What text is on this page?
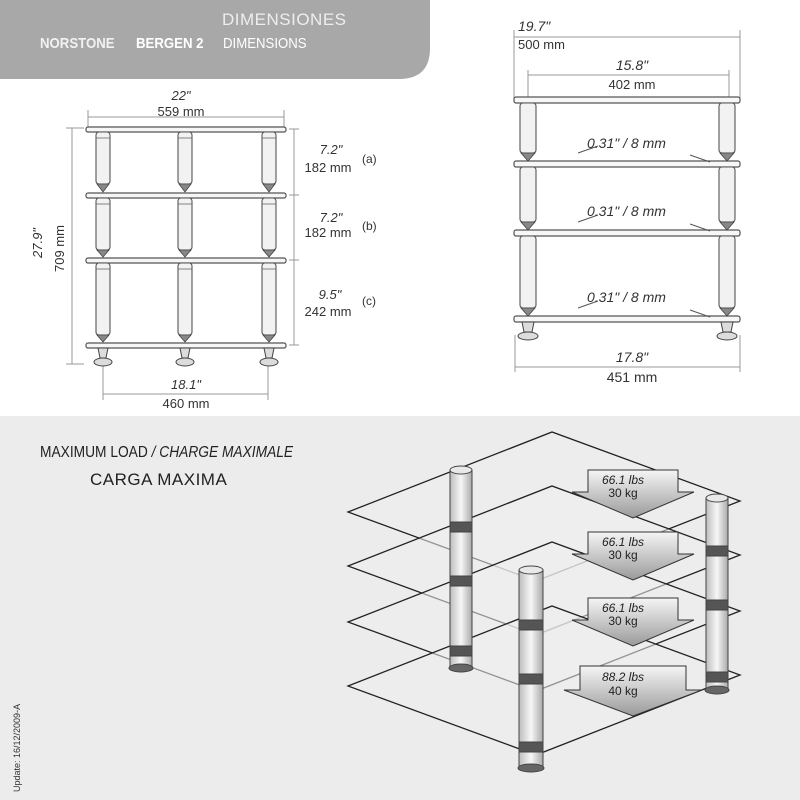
DIMENSIONES
NORSTONE BERGEN 2 DIMENSIONS
22"
559 mm
27.9" 709 mm
7.2"
182 mm
(a)
7.2"
182 mm (b)
9.5"
242 mm
(c)
18.1"
460 mm
19.7"
500 mm
15.8"
402 mm
0.31" / 8 mm
0.31" / 8 mm
0.31" / 8 mm
17.8"
451 mm
MAXIMUM LOAD / CHARGE MAXIMALE
CARGA MAXIMA	66.1 lbs
30 kg
66.1 lbs
30 kg
66.1 lbs
30 kg
88.2 lbs
40 kg
Update: 16/12/2009-A
